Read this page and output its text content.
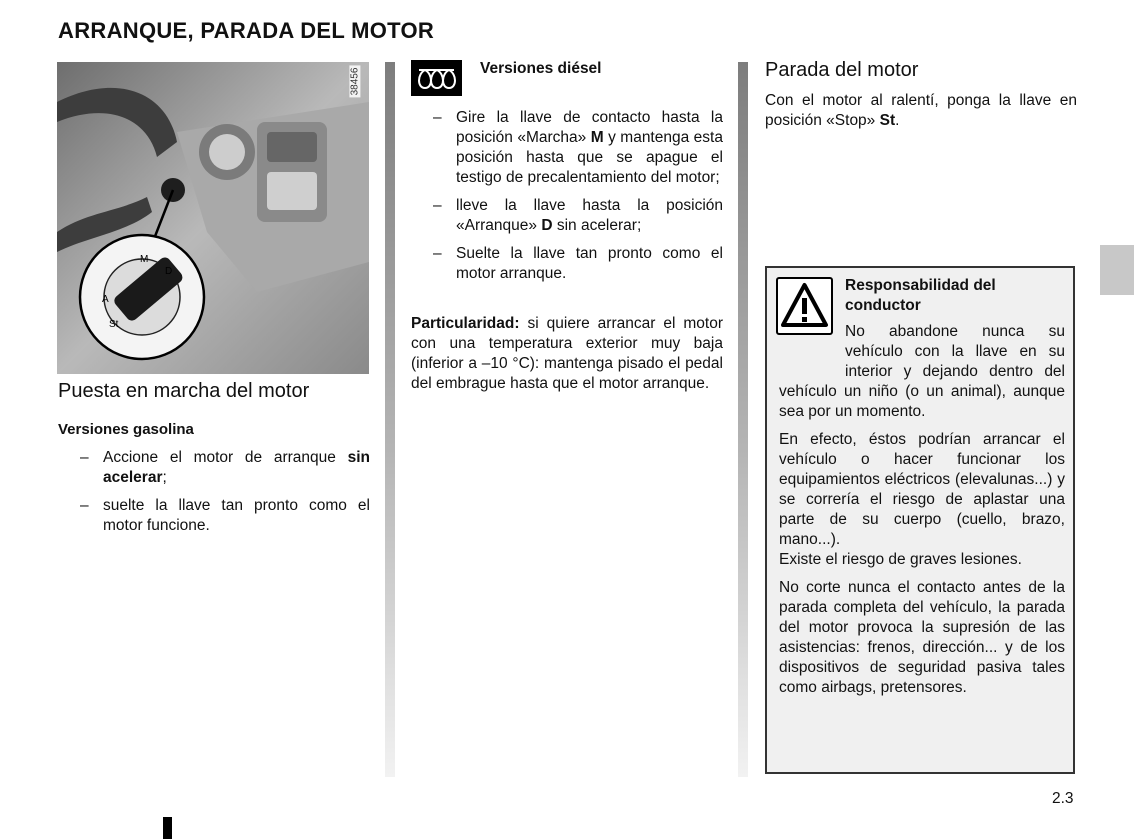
ARRANQUE, PARADA DEL MOTOR
M
D
A
St
38456
Puesta en marcha del motor
Versiones gasolina
– Accione el motor de arranque sin acelerar;
– suelte la llave tan pronto como el motor funcione.
Versiones diésel
– Gire la llave de contacto hasta la posición «Marcha» M y mantenga esta posición hasta que se apague el testigo de precalentamiento del motor;
– lleve la llave hasta la posición «Arranque» D sin acelerar;
– Suelte la llave tan pronto como el motor arranque.
Particularidad: si quiere arrancar el motor con una temperatura exterior muy baja (inferior a –10 °C): mantenga pisado el pedal del embrague hasta que el motor arranque.
Parada del motor
Con el motor al ralentí, ponga la llave en posición «Stop» St.
Responsabilidad del conductor
No abandone nunca su vehículo con la llave en su interior y dejando dentro del vehículo un niño (o un animal), aunque sea por un momento.
En efecto, éstos podrían arrancar el vehículo o hacer funcionar los equipamientos eléctricos (elevalunas...) y se correría el riesgo de aplastar una parte de su cuerpo (cuello, brazo, mano...).
Existe el riesgo de graves lesiones.
No corte nunca el contacto antes de la parada completa del vehículo, la parada del motor provoca la supresión de las asistencias: frenos, dirección... y de los dispositivos de seguridad pasiva tales como airbags, pretensores.
2.3
